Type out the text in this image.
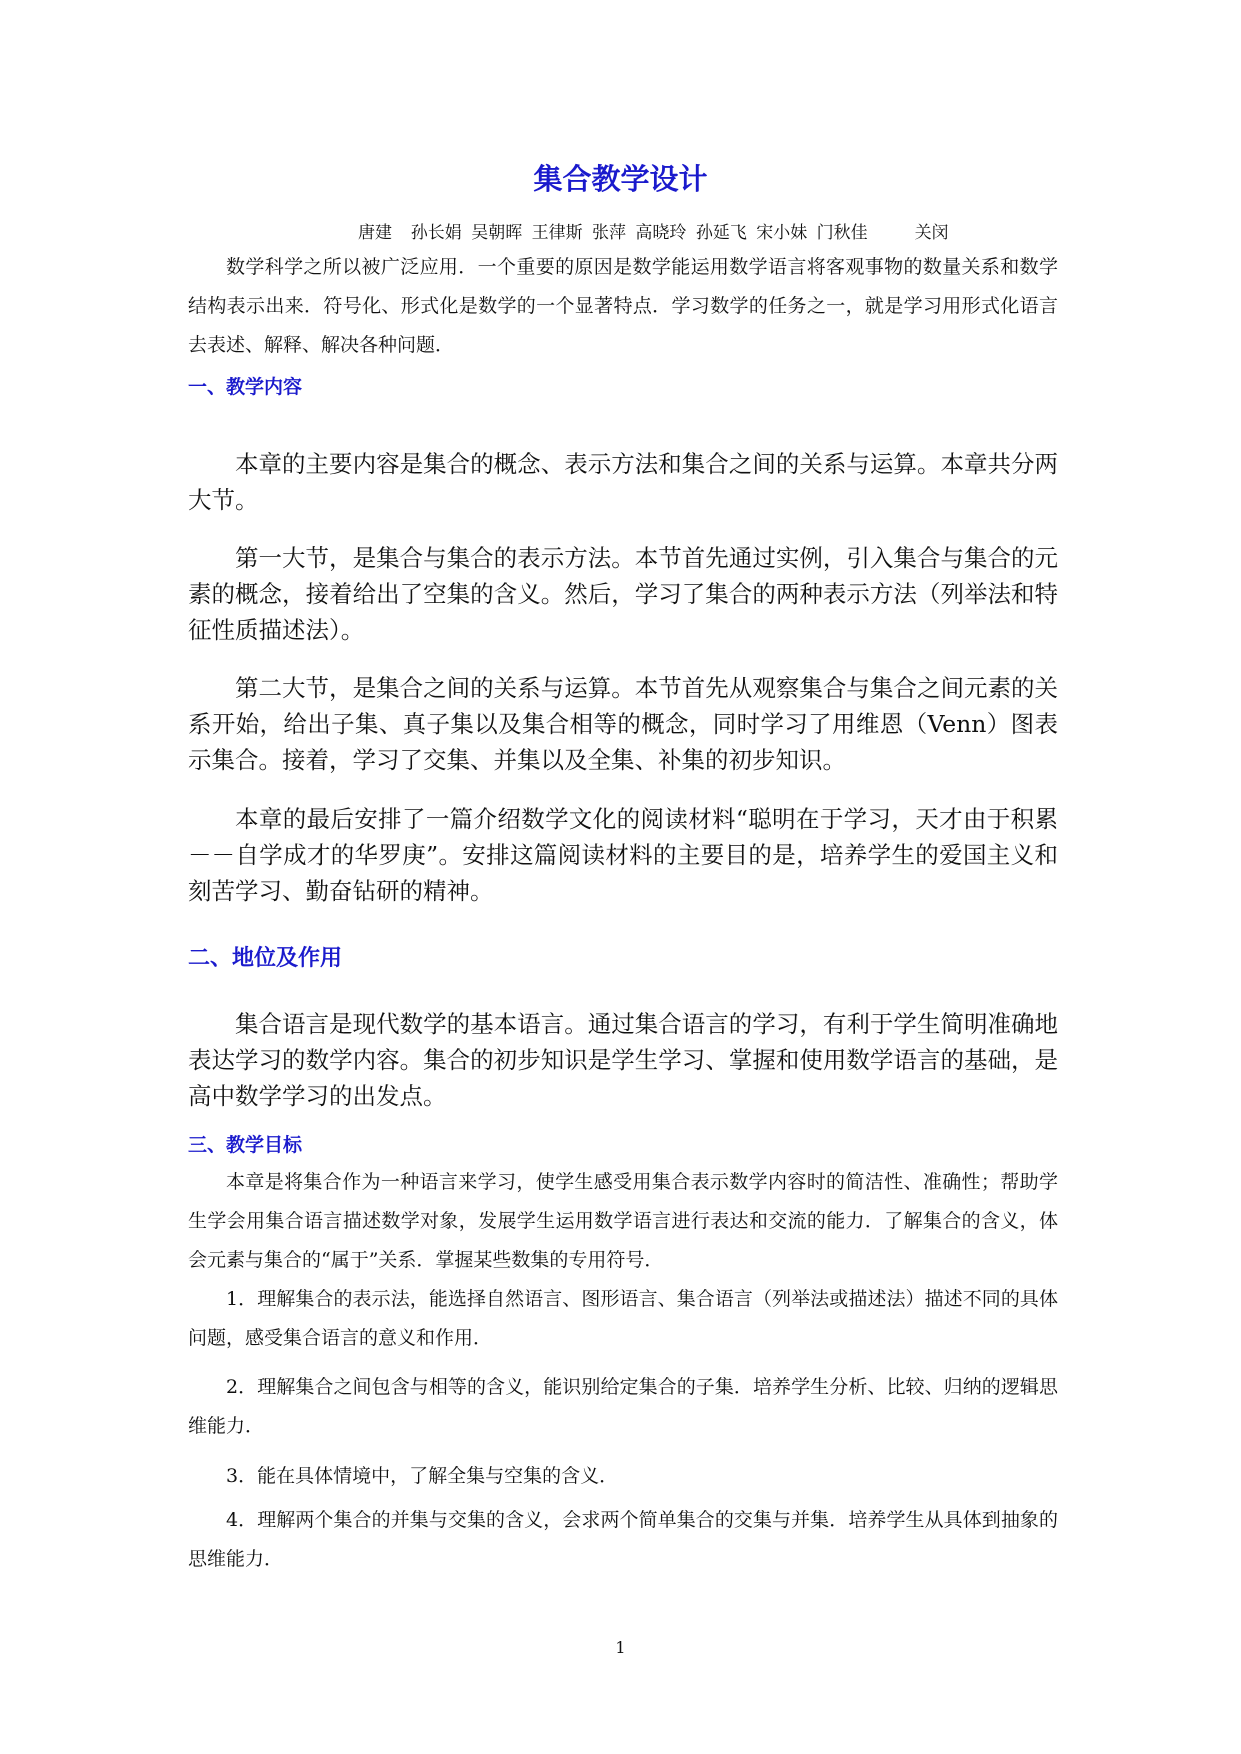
集合教学设计
唐建  孙长娟 吴朝晖 王律斯 张萍 高晓玲 孙延飞 宋小妹 门秋佳     关闵

数学科学之所以被广泛应用．一个重要的原因是数学能运用数学语言将客观事物的数量关系和数学结构表示出来．符号化、形式化是数学的一个显著特点．学习数学的任务之一，就是学习用形式化语言去表述、解释、解决各种问题．

一、教学内容

本章的主要内容是集合的概念、表示方法和集合之间的关系与运算。本章共分两大节。

第一大节，是集合与集合的表示方法。本节首先通过实例，引入集合与集合的元素的概念，接着给出了空集的含义。然后，学习了集合的两种表示方法（列举法和特征性质描述法）。

第二大节，是集合之间的关系与运算。本节首先从观察集合与集合之间元素的关系开始，给出子集、真子集以及集合相等的概念，同时学习了用维恩（Venn）图表示集合。接着，学习了交集、并集以及全集、补集的初步知识。

本章的最后安排了一篇介绍数学文化的阅读材料“聪明在于学习，天才由于积累－－自学成才的华罗庚”。安排这篇阅读材料的主要目的是，培养学生的爱国主义和刻苦学习、勤奋钻研的精神。

二、地位及作用

集合语言是现代数学的基本语言。通过集合语言的学习，有利于学生简明准确地表达学习的数学内容。集合的初步知识是学生学习、掌握和使用数学语言的基础，是高中数学学习的出发点。

三、教学目标

本章是将集合作为一种语言来学习，使学生感受用集合表示数学内容时的简洁性、准确性；帮助学生学会用集合语言描述数学对象，发展学生运用数学语言进行表达和交流的能力．了解集合的含义，体会元素与集合的“属于”关系．掌握某些数集的专用符号．

1．理解集合的表示法，能选择自然语言、图形语言、集合语言（列举法或描述法）描述不同的具体问题，感受集合语言的意义和作用．

2．理解集合之间包含与相等的含义，能识别给定集合的子集．培养学生分析、比较、归纳的逻辑思维能力．

3．能在具体情境中，了解全集与空集的含义．

4．理解两个集合的并集与交集的含义，会求两个简单集合的交集与并集．培养学生从具体到抽象的思维能力．

1
